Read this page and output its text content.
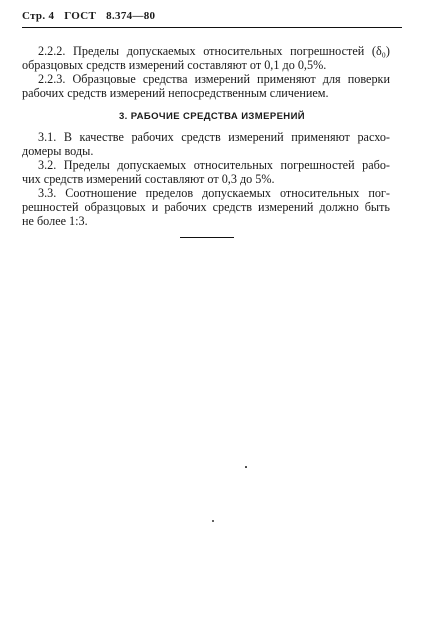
Стр. 4 ГОСТ 8.374—80
2.2.2. Пределы допускаемых относительных погрешностей (δ₀)
образцовых средств измерений составляют от 0,1 до 0,5%.
2.2.3. Образцовые средства измерений применяют для поверки
рабочих средств измерений непосредственным сличением.
3. РАБОЧИЕ СРЕДСТВА ИЗМЕРЕНИЙ
3.1. В качестве рабочих средств измерений применяют расхо-
домеры воды.
3.2. Пределы допускаемых относительных погрешностей рабо-
чих средств измерений составляют от 0,3 до 5%.
3.3. Соотношение пределов допускаемых относительных пог-
решностей образцовых и рабочих средств измерений должно быть
не более 1:3.
